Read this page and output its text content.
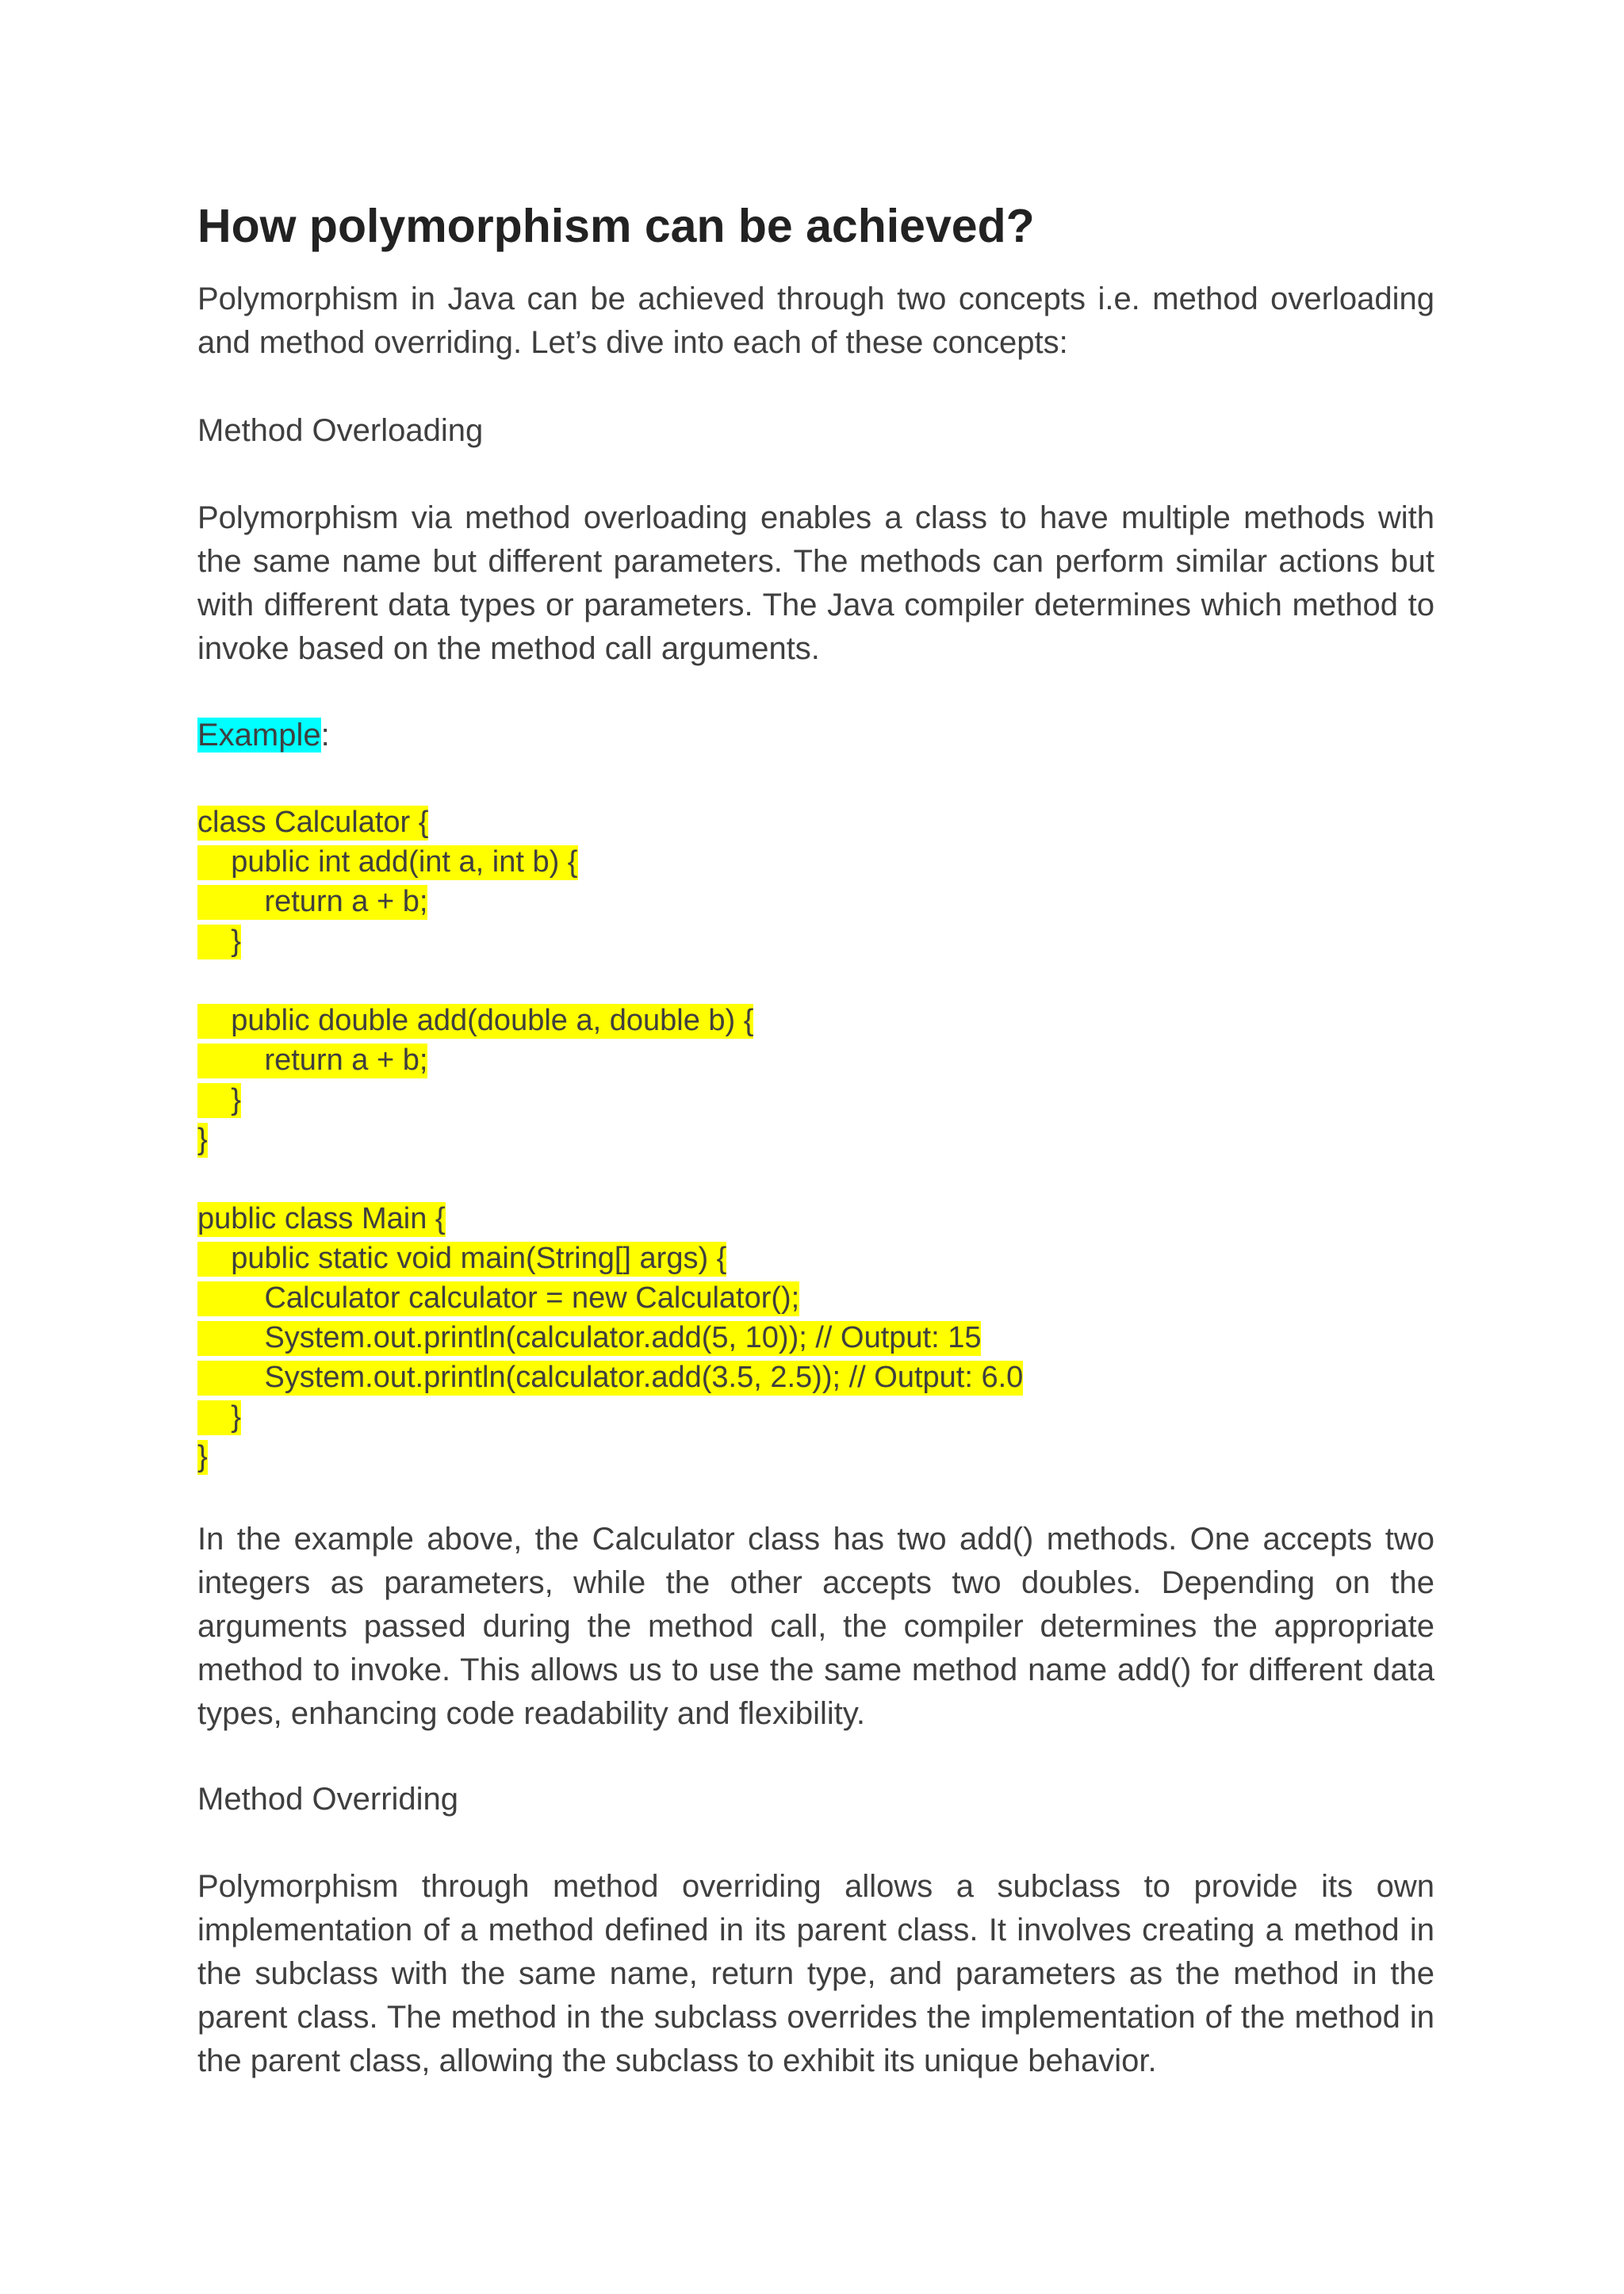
How polymorphism can be achieved?

Polymorphism in Java can be achieved through two concepts i.e. method overloading and method overriding. Let’s dive into each of these concepts:

Method Overloading

Polymorphism via method overloading enables a class to have multiple methods with the same name but different parameters. The methods can perform similar actions but with different data types or parameters. The Java compiler determines which method to invoke based on the method call arguments.

Example:

class Calculator {
public int add(int a, int b) {
return a + b;
}
public double add(double a, double b) {
return a + b;
}
}
public class Main {
public static void main(String[] args) {
Calculator calculator = new Calculator();
System.out.println(calculator.add(5, 10)); // Output: 15
System.out.println(calculator.add(3.5, 2.5)); // Output: 6.0
}
}

In the example above, the Calculator class has two add() methods. One accepts two integers as parameters, while the other accepts two doubles. Depending on the arguments passed during the method call, the compiler determines the appropriate method to invoke. This allows us to use the same method name add() for different data types, enhancing code readability and flexibility.

Method Overriding

Polymorphism through method overriding allows a subclass to provide its own implementation of a method defined in its parent class. It involves creating a method in the subclass with the same name, return type, and parameters as the method in the parent class. The method in the subclass overrides the implementation of the method in the parent class, allowing the subclass to exhibit its unique behavior.
